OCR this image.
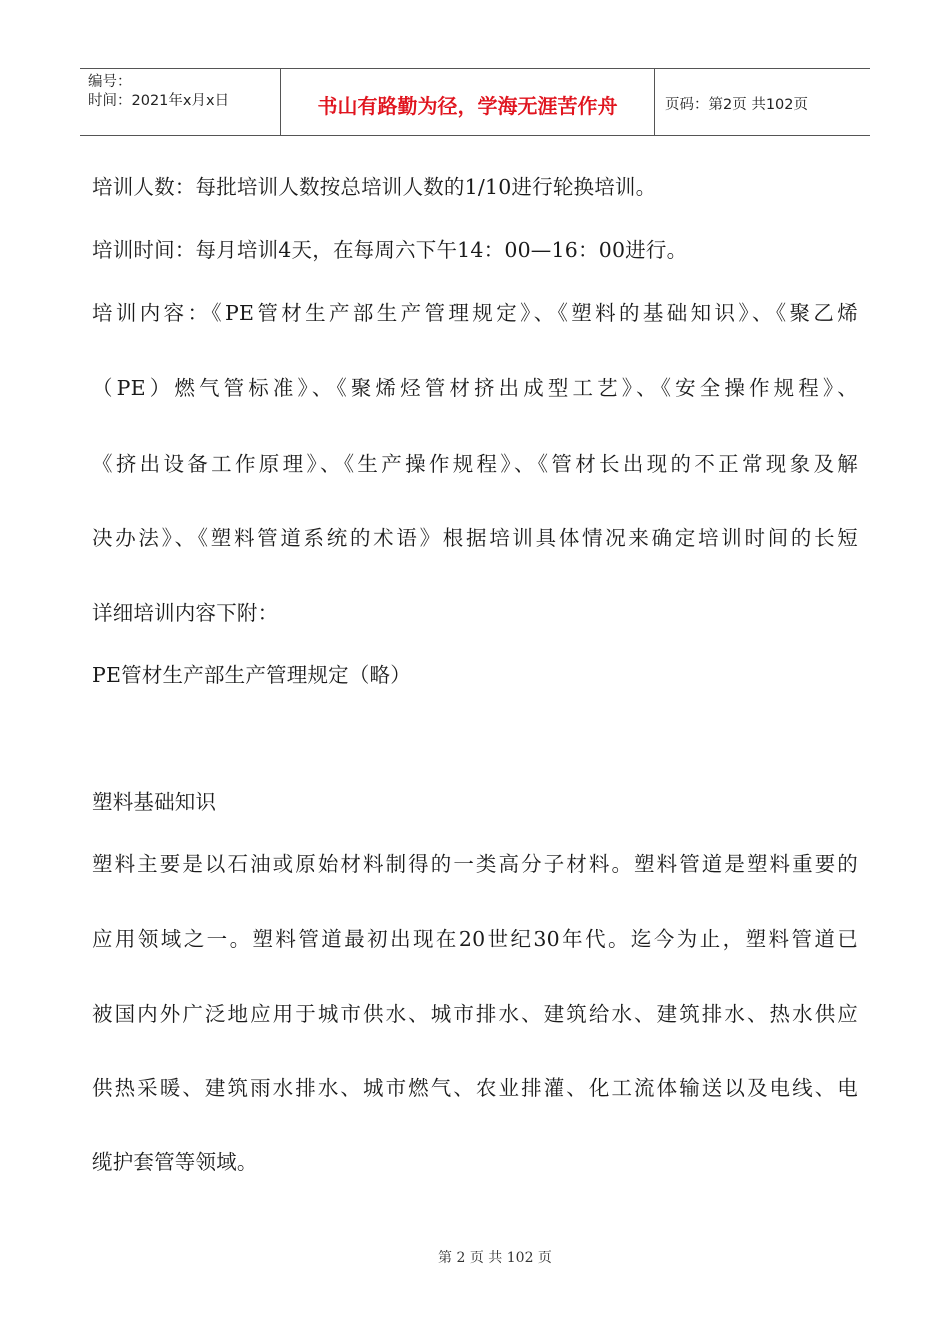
编号：
时间：2021年x月x日	书山有路勤为径，学海无涯苦作舟	页码：第2页 共102页
培训人数：每批培训人数按总培训人数的1/10进行轮换培训。
培训时间：每月培训4天，在每周六下午14：00—16：00进行。
培训内容：《PE管材生产部生产管理规定》、《塑料的基础知识》、《聚乙烯
（PE）燃气管标准》、《聚烯烃管材挤出成型工艺》、《安全操作规程》、
《挤出设备工作原理》、《生产操作规程》、《管材长出现的不正常现象及解
决办法》、《塑料管道系统的术语》根据培训具体情况来确定培训时间的长短
详细培训内容下附：
PE管材生产部生产管理规定（略）
塑料基础知识
塑料主要是以石油或原始材料制得的一类高分子材料。塑料管道是塑料重要的
应用领域之一。塑料管道最初出现在20世纪30年代。迄今为止，塑料管道已
被国内外广泛地应用于城市供水、城市排水、建筑给水、建筑排水、热水供应
供热采暖、建筑雨水排水、城市燃气、农业排灌、化工流体输送以及电线、电
缆护套管等领域。
第 2 页 共 102 页
